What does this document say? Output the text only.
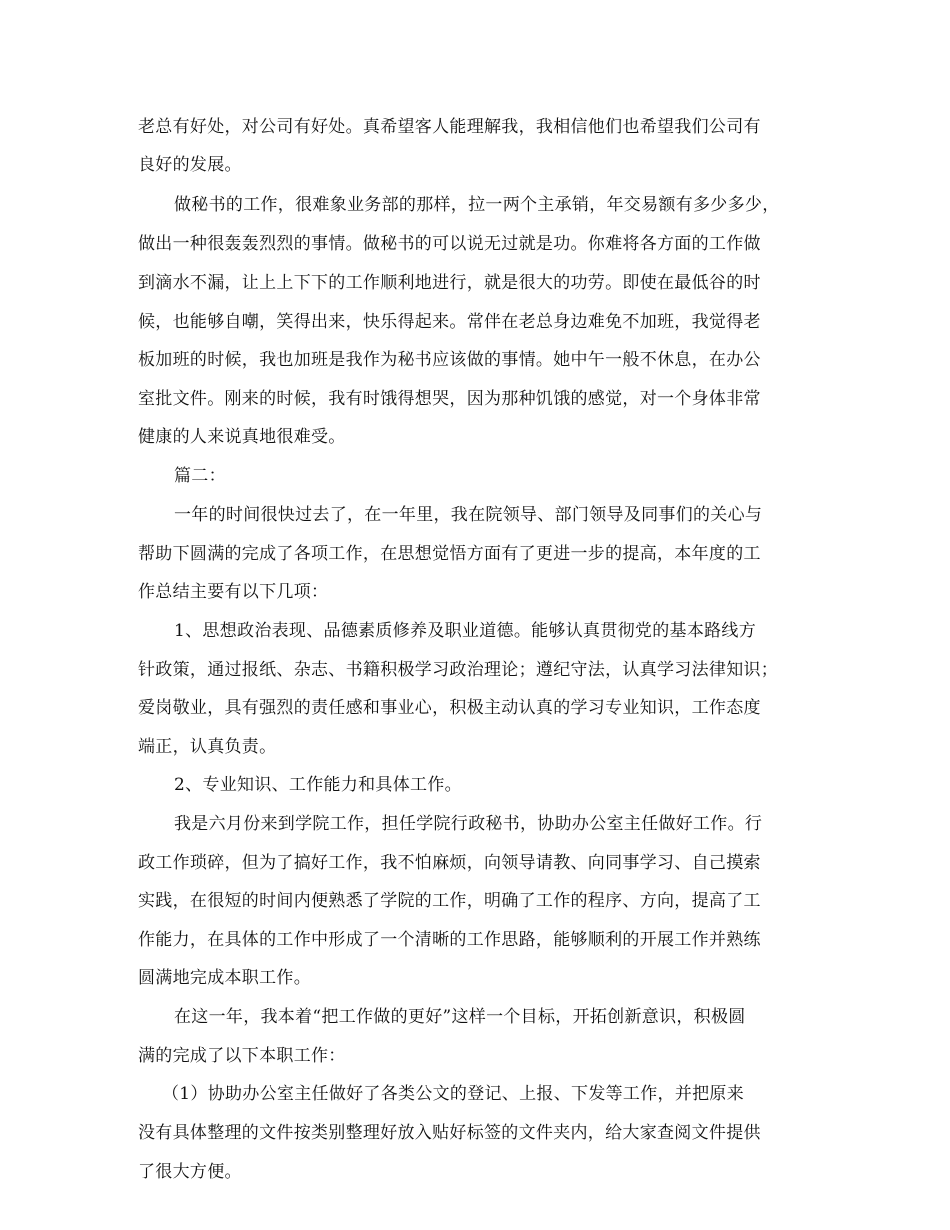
老总有好处，对公司有好处。真希望客人能理解我，我相信他们也希望我们公司有
良好的发展。
做秘书的工作，很难象业务部的那样，拉一两个主承销，年交易额有多少多少，
做出一种很轰轰烈烈的事情。做秘书的可以说无过就是功。你难将各方面的工作做
到滴水不漏，让上上下下的工作顺利地进行，就是很大的功劳。即使在最低谷的时
候，也能够自嘲，笑得出来，快乐得起来。常伴在老总身边难免不加班，我觉得老
板加班的时候，我也加班是我作为秘书应该做的事情。她中午一般不休息，在办公
室批文件。刚来的时候，我有时饿得想哭，因为那种饥饿的感觉，对一个身体非常
健康的人来说真地很难受。
篇二：
一年的时间很快过去了，在一年里，我在院领导、部门领导及同事们的关心与
帮助下圆满的完成了各项工作，在思想觉悟方面有了更进一步的提高，本年度的工
作总结主要有以下几项：
1、思想政治表现、品德素质修养及职业道德。能够认真贯彻党的基本路线方
针政策，通过报纸、杂志、书籍积极学习政治理论；遵纪守法，认真学习法律知识；
爱岗敬业，具有强烈的责任感和事业心，积极主动认真的学习专业知识，工作态度
端正，认真负责。
2、专业知识、工作能力和具体工作。
我是六月份来到学院工作，担任学院行政秘书，协助办公室主任做好工作。行
政工作琐碎，但为了搞好工作，我不怕麻烦，向领导请教、向同事学习、自己摸索
实践，在很短的时间内便熟悉了学院的工作，明确了工作的程序、方向，提高了工
作能力，在具体的工作中形成了一个清晰的工作思路，能够顺利的开展工作并熟练
圆满地完成本职工作。
在这一年，我本着“把工作做的更好”这样一个目标，开拓创新意识，积极圆
满的完成了以下本职工作：
（1）协助办公室主任做好了各类公文的登记、上报、下发等工作，并把原来
没有具体整理的文件按类别整理好放入贴好标签的文件夹内，给大家查阅文件提供
了很大方便。
